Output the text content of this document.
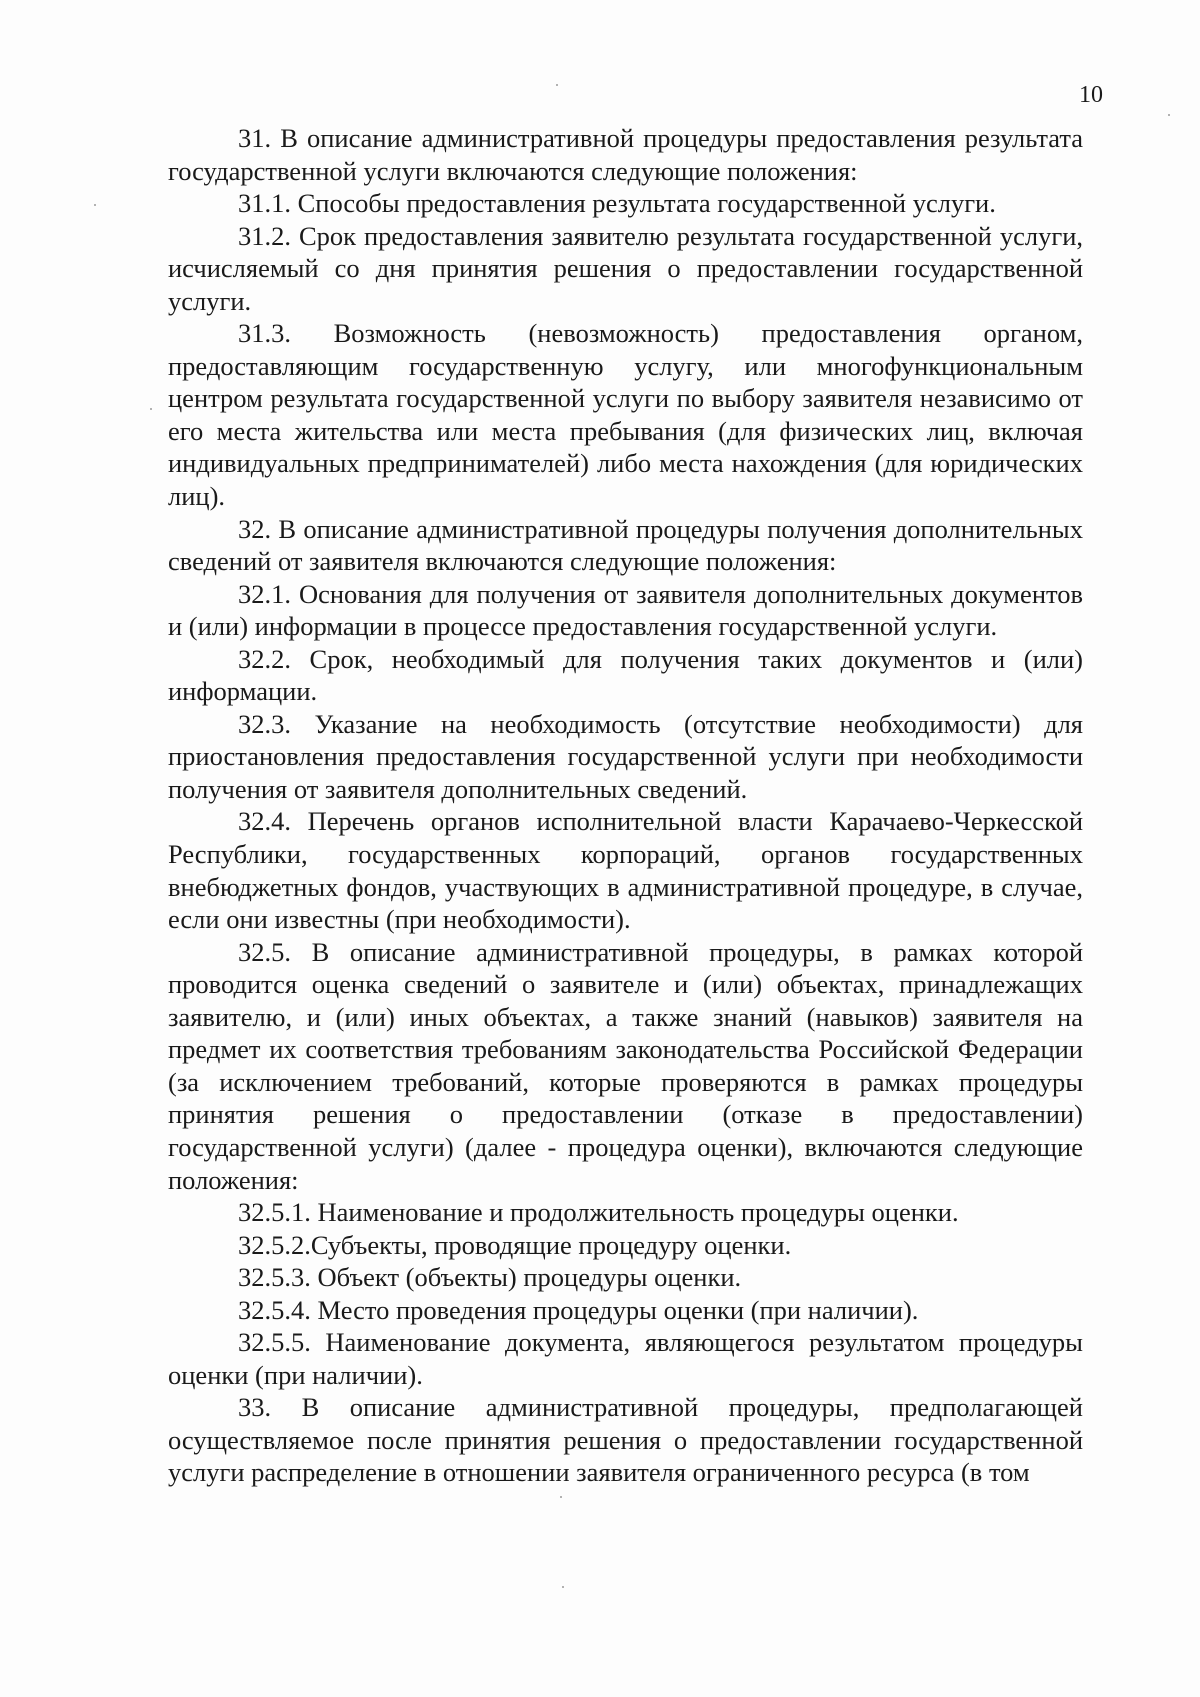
10

31. В описание административной процедуры предоставления результата государственной услуги включаются следующие положения:

31.1. Способы предоставления результата государственной услуги.

31.2. Срок предоставления заявителю результата государственной услуги, исчисляемый со дня принятия решения о предоставлении государственной услуги.

31.3. Возможность (невозможность) предоставления органом, предоставляющим государственную услугу, или многофункциональным центром результата государственной услуги по выбору заявителя независимо от его места жительства или места пребывания (для физических лиц, включая индивидуальных предпринимателей) либо места нахождения (для юридических лиц).

32. В описание административной процедуры получения дополнительных сведений от заявителя включаются следующие положения:

32.1. Основания для получения от заявителя дополнительных документов и (или) информации в процессе предоставления государственной услуги.

32.2. Срок, необходимый для получения таких документов и (или) информации.

32.3. Указание на необходимость (отсутствие необходимости) для приостановления предоставления государственной услуги при необходимости получения от заявителя дополнительных сведений.

32.4. Перечень органов исполнительной власти Карачаево-Черкесской Республики, государственных корпораций, органов государственных внебюджетных фондов, участвующих в административной процедуре, в случае, если они известны (при необходимости).

32.5. В описание административной процедуры, в рамках которой проводится оценка сведений о заявителе и (или) объектах, принадлежащих заявителю, и (или) иных объектах, а также знаний (навыков) заявителя на предмет их соответствия требованиям законодательства Российской Федерации (за исключением требований, которые проверяются в рамках процедуры принятия решения о предоставлении (отказе в предоставлении) государственной услуги) (далее - процедура оценки), включаются следующие положения:

32.5.1. Наименование и продолжительность процедуры оценки.

32.5.2.Субъекты, проводящие процедуру оценки.

32.5.3. Объект (объекты) процедуры оценки.

32.5.4. Место проведения процедуры оценки (при наличии).

32.5.5. Наименование документа, являющегося результатом процедуры оценки (при наличии).

33. В описание административной процедуры, предполагающей осуществляемое после принятия решения о предоставлении государственной услуги распределение в отношении заявителя ограниченного ресурса (в том
